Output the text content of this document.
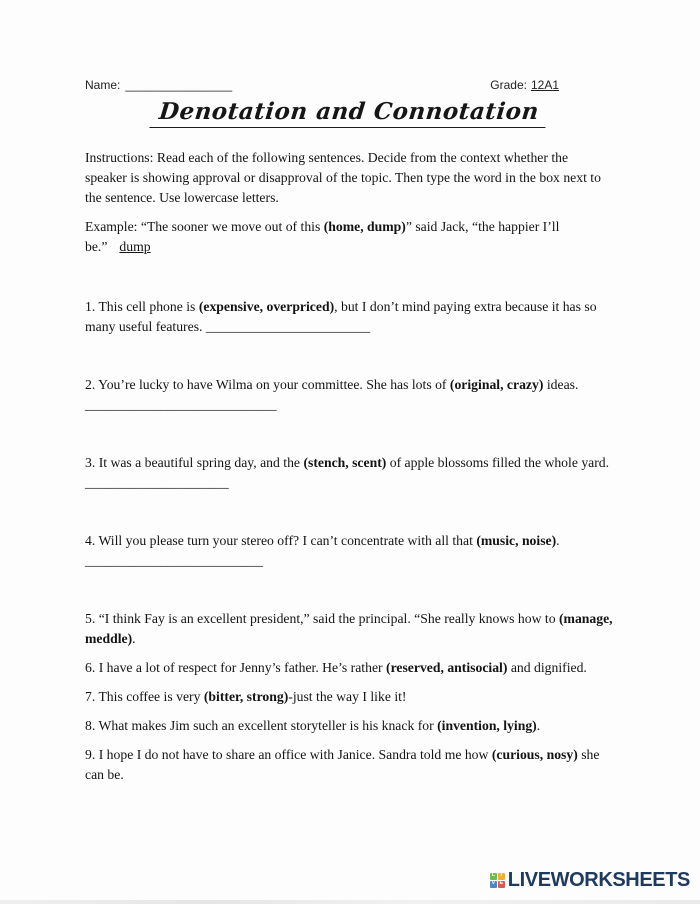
Name: ________________	Grade: 12A1
Denotation and Connotation

Instructions: Read each of the following sentences. Decide from the context whether the speaker is showing approval or disapproval of the topic. Then type the word in the box next to the sentence. Use lowercase letters.

Example: “The sooner we move out of this (home, dump)” said Jack, “the happier I’ll be.” dump

1. This cell phone is (expensive, overpriced), but I don’t mind paying extra because it has so many useful features. ________________________

2. You’re lucky to have Wilma on your committee. She has lots of (original, crazy) ideas. ____________________________

3. It was a beautiful spring day, and the (stench, scent) of apple blossoms filled the whole yard. _____________________

4. Will you please turn your stereo off? I can’t concentrate with all that (music, noise). __________________________

5. “I think Fay is an excellent president,” said the principal. “She really knows how to (manage, meddle).

6. I have a lot of respect for Jenny’s father. He’s rather (reserved, antisocial) and dignified.

7. This coffee is very (bitter, strong)-just the way I like it!

8. What makes Jim such an excellent storyteller is his knack for (invention, lying).

9. I hope I do not have to share an office with Janice. Sandra told me how (curious, nosy) she can be.

L	I
V E LIVEWORKSHEETS
